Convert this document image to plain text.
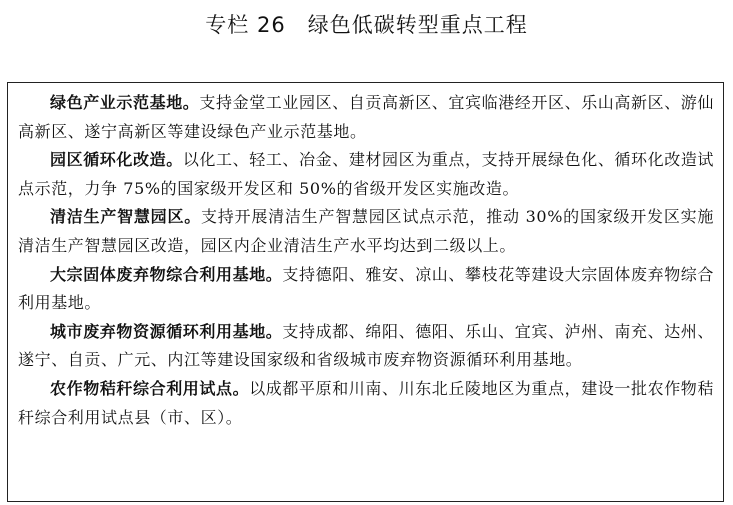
专栏 26　绿色低碳转型重点工程

绿色产业示范基地。支持金堂工业园区、自贡高新区、宜宾临港经开区、乐山高新区、游仙高新区、遂宁高新区等建设绿色产业示范基地。

园区循环化改造。以化工、轻工、冶金、建材园区为重点，支持开展绿色化、循环化改造试点示范，力争 75%的国家级开发区和 50%的省级开发区实施改造。

清洁生产智慧园区。支持开展清洁生产智慧园区试点示范，推动 30%的国家级开发区实施清洁生产智慧园区改造，园区内企业清洁生产水平均达到二级以上。

大宗固体废弃物综合利用基地。支持德阳、雅安、凉山、攀枝花等建设大宗固体废弃物综合利用基地。

城市废弃物资源循环利用基地。支持成都、绵阳、德阳、乐山、宜宾、泸州、南充、达州、遂宁、自贡、广元、内江等建设国家级和省级城市废弃物资源循环利用基地。

农作物秸秆综合利用试点。以成都平原和川南、川东北丘陵地区为重点，建设一批农作物秸秆综合利用试点县（市、区）。
